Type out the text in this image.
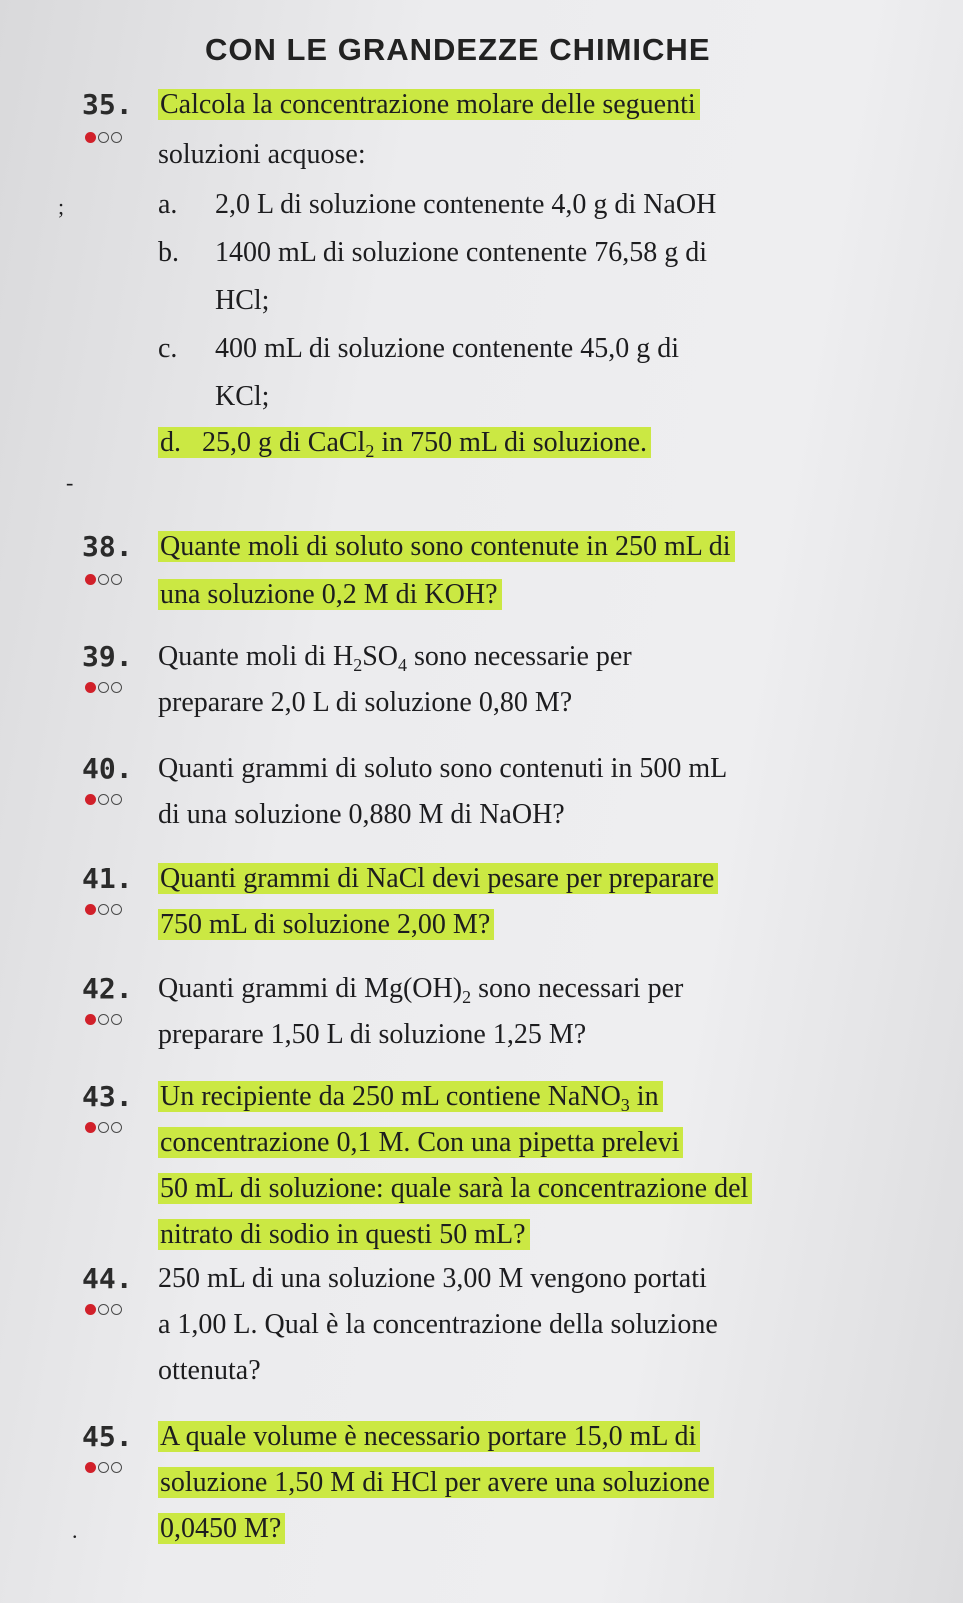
CON LE GRANDEZZE CHIMICHE
35. Calcola la concentrazione molare delle seguenti
soluzioni acquose:
;	a. 2,0 L di soluzione contenente 4,0 g di NaOH
b. 1400 mL di soluzione contenente 76,58 g di
HCl;
c. 400 mL di soluzione contenente 45,0 g di
KCl;
d. 25,0 g di CaCl$_2$ in 750 mL di soluzione.
-
38. Quante moli di soluto sono contenute in 250 mL di
una soluzione 0,2 M di KOH?
39. Quante moli di $H_2SO_4$ sono necessarie per
preparare 2,0 L di soluzione 0,80 M?
40. Quanti grammi di soluto sono contenuti in 500 mL
di una soluzione 0,880 M di NaOH?
41. Quanti grammi di NaCl devi pesare per preparare
750 mL di soluzione 2,00 M?
42. Quanti grammi di $Mg(OH)_2$ sono necessari per
preparare 1,50 L di soluzione 1,25 M?
43. Un recipiente da 250 mL contiene NaNO$_3$ in
concentrazione 0,1 M. Con una pipetta prelevi
50 mL di soluzione: quale sarà la concentrazione del
nitrato di sodio in questi 50 mL?
44. 250 mL di una soluzione 3,00 M vengono portati
a 1,00 L. Qual è la concentrazione della soluzione
ottenuta?
45. A quale volume è necessario portare 15,0 mL di
soluzione 1,50 M di HCl per avere una soluzione
0,0450 M?
.
